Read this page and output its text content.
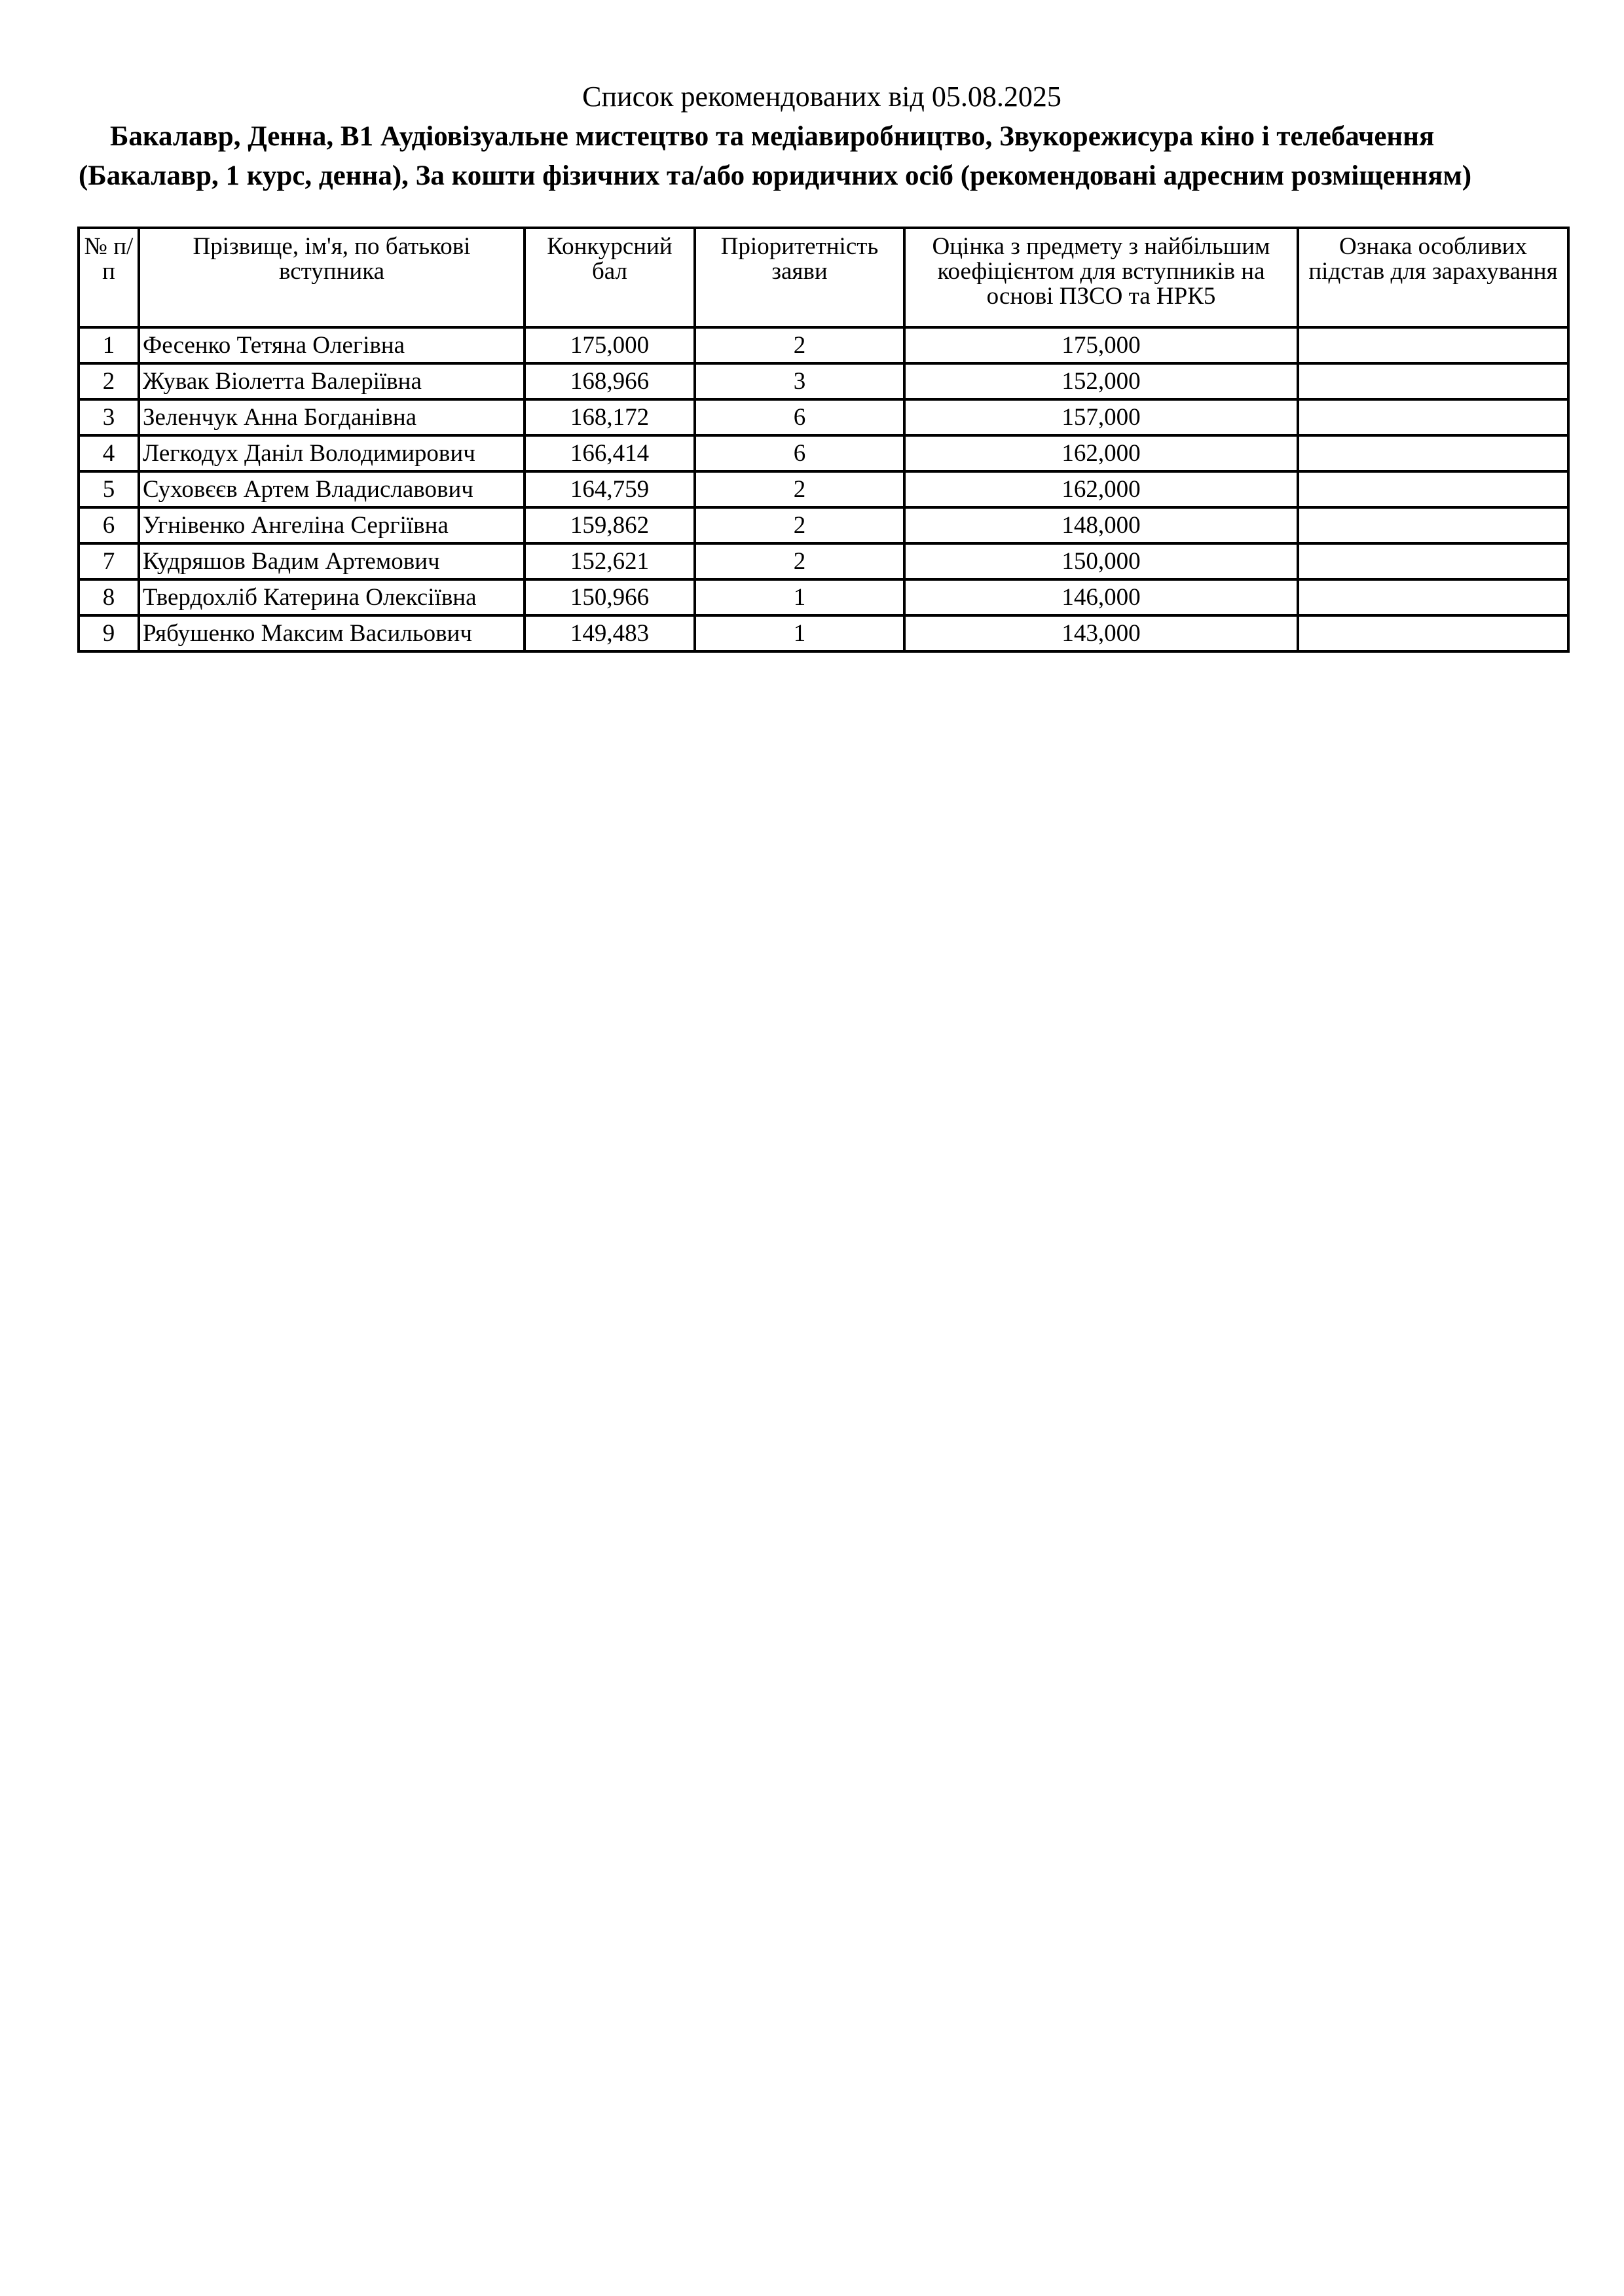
Список рекомендованих від 05.08.2025
Бакалавр, Денна, B1 Аудіовізуальне мистецтво та медіавиробництво, Звукорежисура кіно і телебачення (Бакалавр, 1 курс, денна), За кошти фізичних та/або юридичних осіб (рекомендовані адресним розміщенням)
№ п/п	Прізвище, ім'я, по батькові вступника	Конкурсний бал	Пріоритетність заяви	Оцінка з предмету з найбільшим коефіцієнтом для вступників на основі ПЗСО та НРК5	Ознака особливих підстав для зарахування
1	Фесенко Тетяна Олегівна	175,000	2	175,000	
2	Жувак Віолетта Валеріївна	168,966	3	152,000	
3	Зеленчук Анна Богданівна	168,172	6	157,000	
4	Легкодух Даніл Володимирович	166,414	6	162,000	
5	Суховєєв Артем Владиславович	164,759	2	162,000	
6	Угнівенко Ангеліна Сергіївна	159,862	2	148,000	
7	Кудряшов Вадим Артемович	152,621	2	150,000	
8	Твердохліб Катерина Олексіївна	150,966	1	146,000	
9	Рябушенко Максим Васильович	149,483	1	143,000	
